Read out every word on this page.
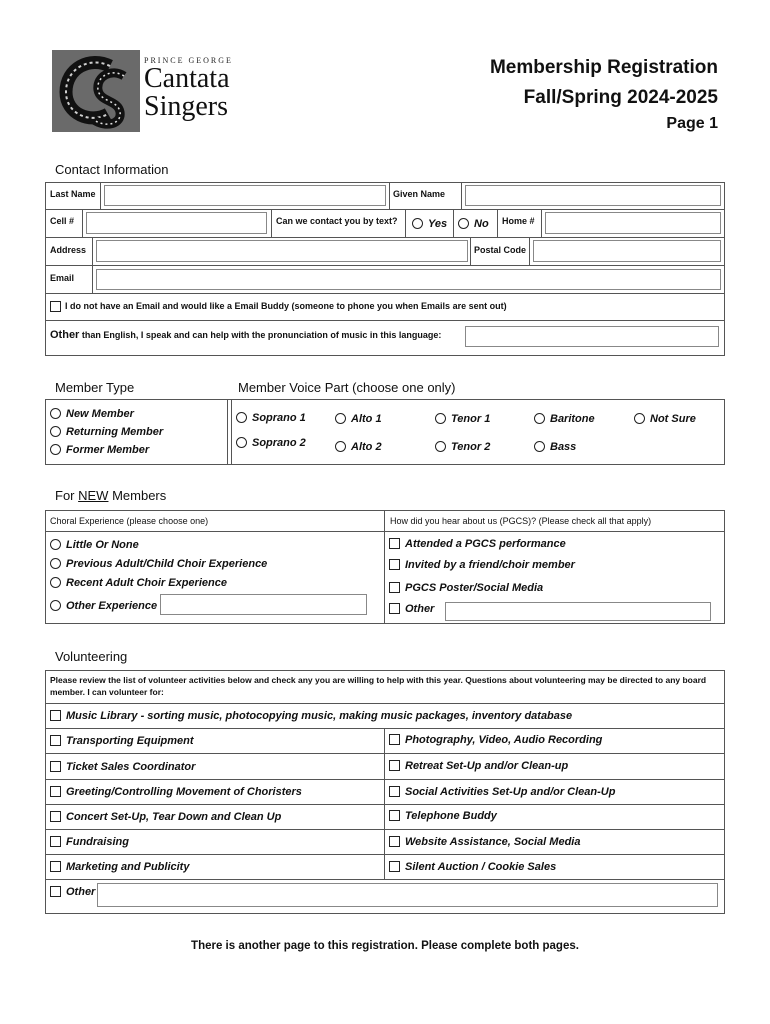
PRINCE GEORGE
Cantata
Singers
Membership Registration
Fall/Spring 2024-2025
Page 1
Contact Information
Last Name	Given Name
Cell #	Can we contact you by text?	Yes No Home #
Address	Postal Code
Email
I do not have an Email and would like a Email Buddy (someone to phone you when Emails are sent out)
Other than English, I speak and can help with the pronunciation of music in this language:
Member Type	Member Voice Part (choose one only)
New Member
Returning Member
Former Member
Soprano 1	Alto 1	Tenor 1	Baritone	Not Sure
Soprano 2	Alto 2	Tenor 2	Bass
For NEW Members
Choral Experience (please choose one)	How did you hear about us (PGCS)? (Please check all that apply)
Little Or None
Previous Adult/Child Choir Experience
Recent Adult Choir Experience
Other Experience
Attended a PGCS performance
Invited by a friend/choir member
PGCS Poster/Social Media
Other
Volunteering
Please review the list of volunteer activities below and check any you are willing to help with this year. Questions about volunteering may be directed to any board member. I can volunteer for:
Music Library - sorting music, photocopying music, making music packages, inventory database
Transporting Equipment
Ticket Sales Coordinator
Greeting/Controlling Movement of Choristers
Concert Set-Up, Tear Down and Clean Up
Fundraising
Marketing and Publicity
Photography, Video, Audio Recording
Retreat Set-Up and/or Clean-up
Social Activities Set-Up and/or Clean-Up
Telephone Buddy
Website Assistance, Social Media
Silent Auction / Cookie Sales
Other
There is another page to this registration. Please complete both pages.
